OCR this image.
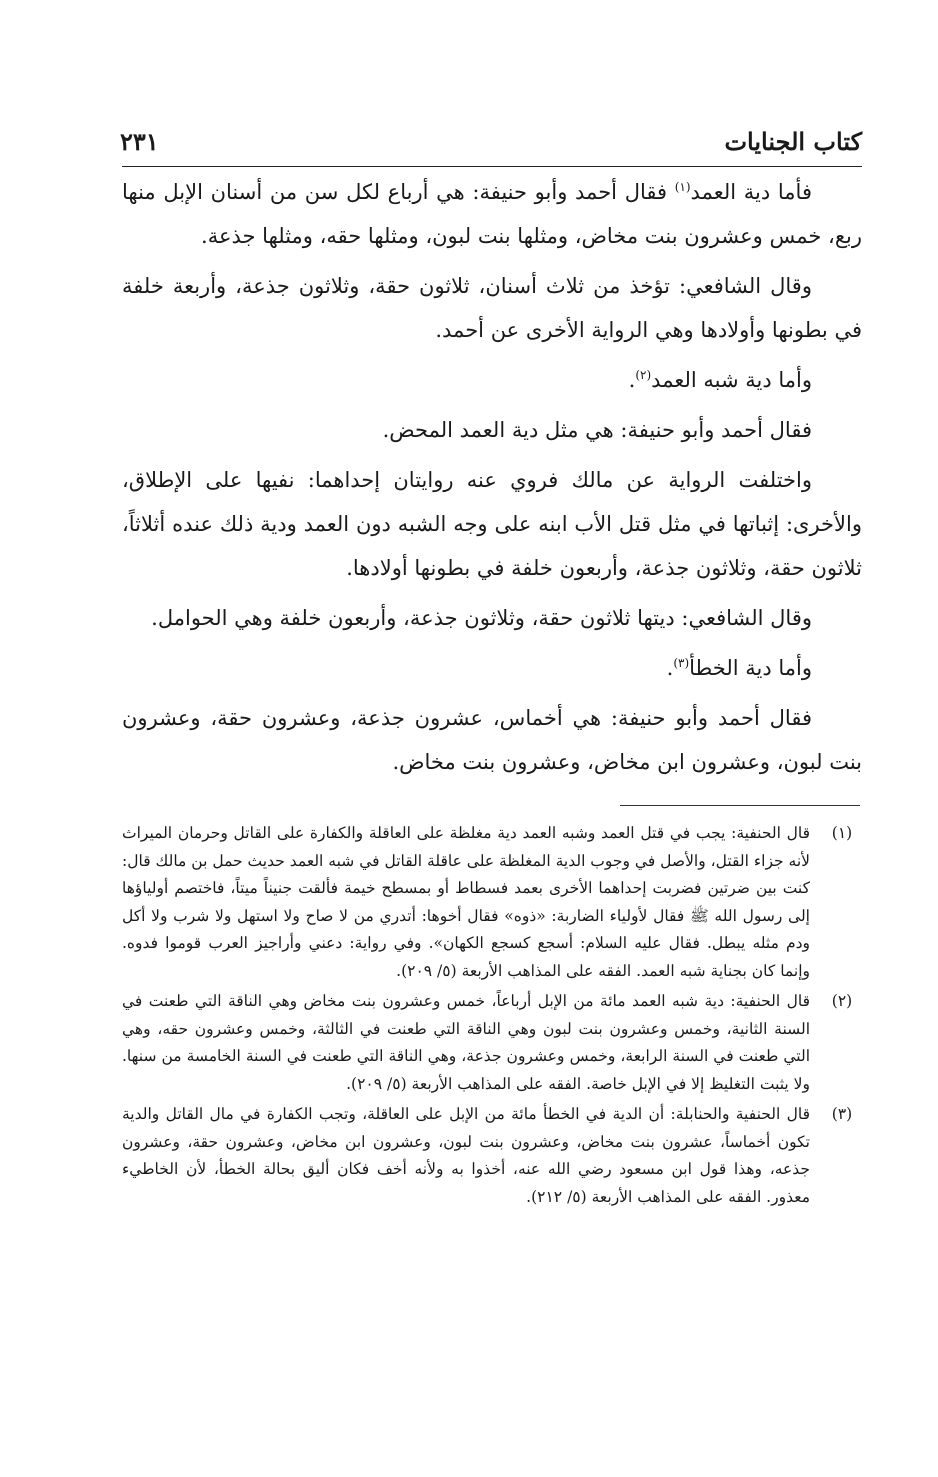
كتاب الجنايات
٢٣١

فأما دية العمد$^{(١)}$ فقال أحمد وأبو حنيفة: هي أرباع لكل سن من أسنان الإبل منها ربع، خمس وعشرون بنت مخاض، ومثلها بنت لبون، ومثلها حقه، ومثلها جذعة.

وقال الشافعي: تؤخذ من ثلاث أسنان، ثلاثون حقة، وثلاثون جذعة، وأربعة خلفة في بطونها وأولادها وهي الرواية الأخرى عن أحمد.

وأما دية شبه العمد$^{(٢)}$.

فقال أحمد وأبو حنيفة: هي مثل دية العمد المحض.

واختلفت الرواية عن مالك فروي عنه روايتان إحداهما: نفيها على الإطلاق، والأخرى: إثباتها في مثل قتل الأب ابنه على وجه الشبه دون العمد ودية ذلك عنده أثلاثاً، ثلاثون حقة، وثلاثون جذعة، وأربعون خلفة في بطونها أولادها.

وقال الشافعي: ديتها ثلاثون حقة، وثلاثون جذعة، وأربعون خلفة وهي الحوامل.

وأما دية الخطأ$^{(٣)}$.

فقال أحمد وأبو حنيفة: هي أخماس، عشرون جذعة، وعشرون حقة، وعشرون بنت لبون، وعشرون ابن مخاض، وعشرون بنت مخاض.

(١)
قال الحنفية: يجب في قتل العمد وشبه العمد دية مغلظة على العاقلة والكفارة على القاتل وحرمان الميراث لأنه جزاء القتل، والأصل في وجوب الدية المغلظة على عاقلة القاتل في شبه العمد حديث حمل بن مالك قال: كنت بين ضرتين فضربت إحداهما الأخرى بعمد فسطاط أو بمسطح خيمة فألقت جنيناً ميتاً، فاختصم أولياؤها إلى رسول الله ﷺ فقال لأولياء الضاربة: «ذوه» فقال أخوها: أتدري من لا صاح ولا استهل ولا شرب ولا أكل ودم مثله يبطل. فقال عليه السلام: أسجع كسجع الكهان». وفي رواية: دعني وأراجيز العرب قوموا فدوه. وإنما كان بجناية شبه العمد. الفقه على المذاهب الأربعة (٥/ ٢٠٩).
(٢)
قال الحنفية: دية شبه العمد مائة من الإبل أرباعاً، خمس وعشرون بنت مخاض وهي الناقة التي طعنت في السنة الثانية، وخمس وعشرون بنت لبون وهي الناقة التي طعنت في الثالثة، وخمس وعشرون حقه، وهي التي طعنت في السنة الرابعة، وخمس وعشرون جذعة، وهي الناقة التي طعنت في السنة الخامسة من سنها. ولا يثبت التغليظ إلا في الإبل خاصة. الفقه على المذاهب الأربعة (٥/ ٢٠٩).
(٣)
قال الحنفية والحنابلة: أن الدية في الخطأ مائة من الإبل على العاقلة، وتجب الكفارة في مال القاتل والدية تكون أخماساً، عشرون بنت مخاض، وعشرون بنت لبون، وعشرون ابن مخاض، وعشرون حقة، وعشرون جذعه، وهذا قول ابن مسعود رضي الله عنه، أخذوا به ولأنه أخف فكان أليق بحالة الخطأ، لأن الخاطيء معذور. الفقه على المذاهب الأربعة (٥/ ٢١٢).
